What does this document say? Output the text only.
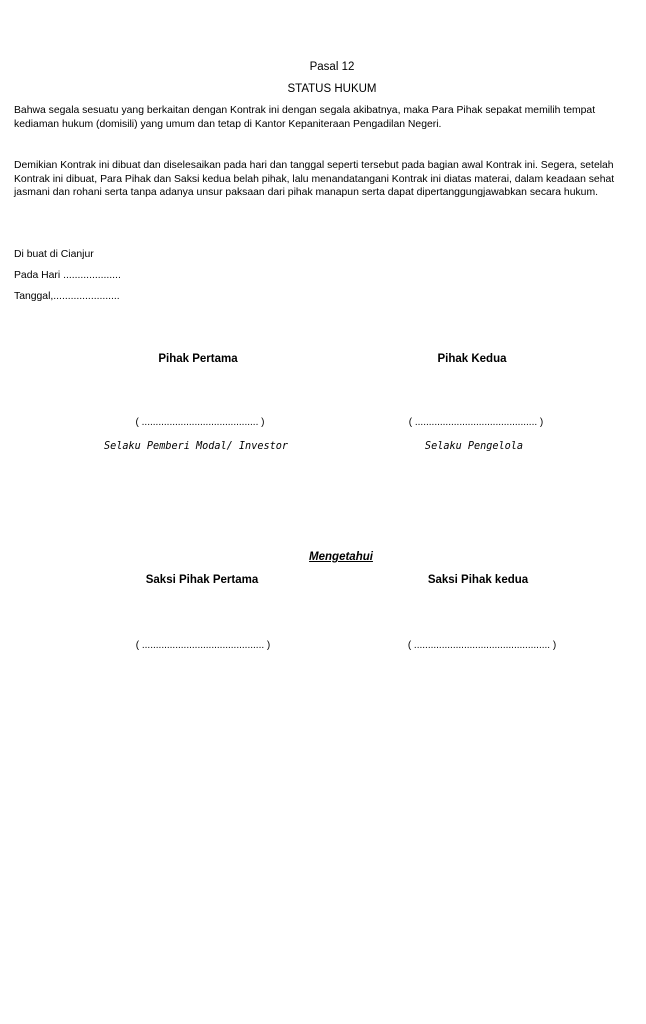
Pasal 12
STATUS HUKUM
Bahwa segala sesuatu yang berkaitan dengan Kontrak ini dengan segala akibatnya, maka Para Pihak sepakat memilih tempat
kediaman hukum (domisili) yang umum dan tetap di Kantor Kepaniteraan Pengadilan Negeri.
Demikian Kontrak ini dibuat dan diselesaikan pada hari dan tanggal seperti tersebut pada bagian awal Kontrak ini. Segera, setelah
Kontrak ini dibuat, Para Pihak dan Saksi kedua belah pihak, lalu menandatangani Kontrak ini diatas materai, dalam keadaan sehat
jasmani dan rohani serta tanpa adanya unsur paksaan dari pihak manapun serta dapat dipertanggungjawabkan secara hukum.
Di buat di Cianjur
Pada Hari ....................
Tanggal,.......................
Pihak Pertama	Pihak Kedua
( .......................................... )	( ............................................ )
Selaku Pemberi Modal/ Investor	Selaku Pengelola
Mengetahui
Saksi Pihak Pertama	Saksi Pihak kedua
( ............................................ )	( ................................................. )
